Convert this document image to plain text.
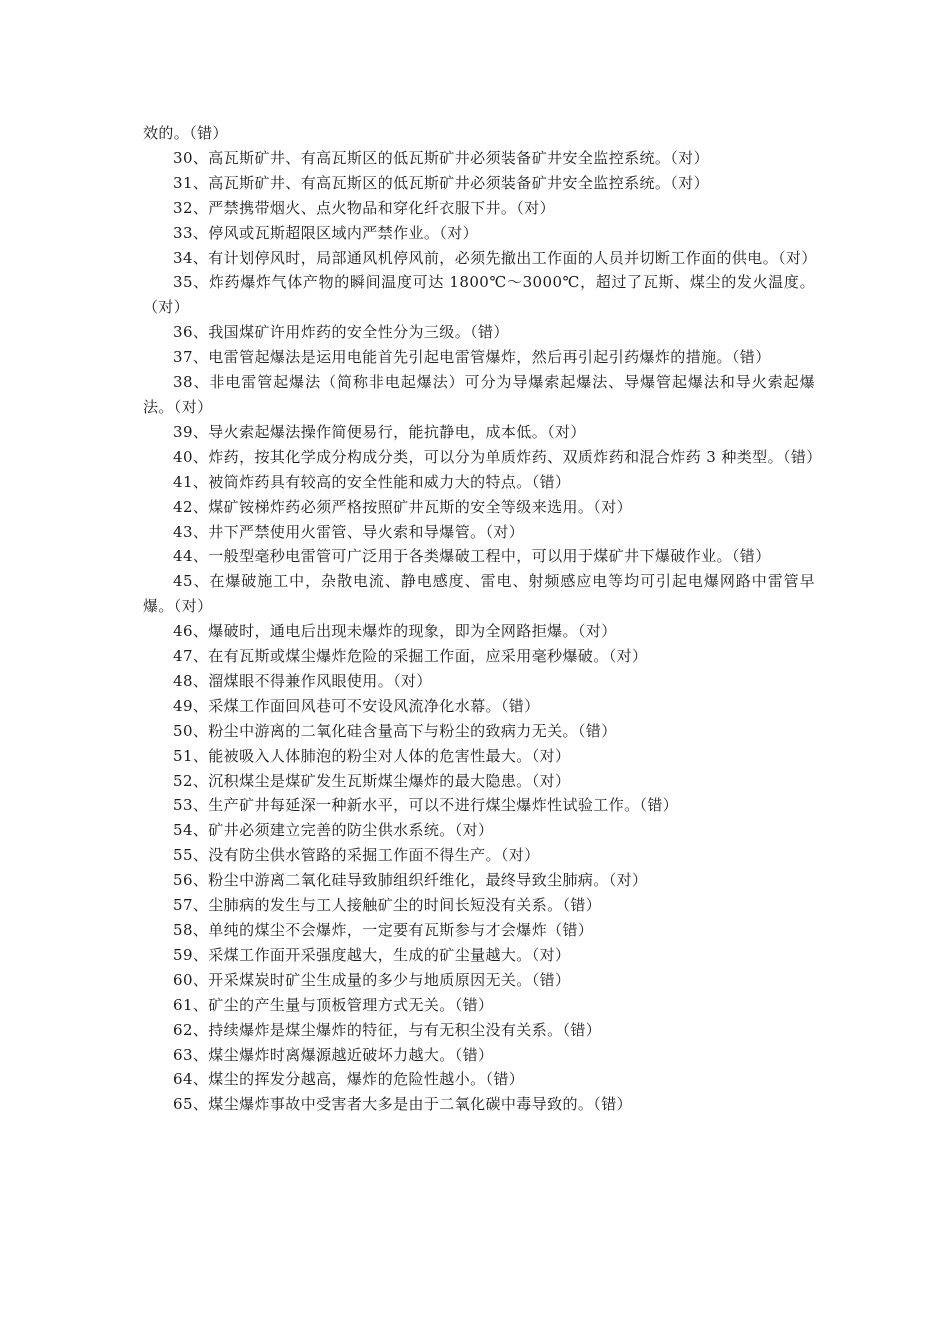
效的。（错）

30、高瓦斯矿井、有高瓦斯区的低瓦斯矿井必须装备矿井安全监控系统。（对）

31、高瓦斯矿井、有高瓦斯区的低瓦斯矿井必须装备矿井安全监控系统。（对）

32、严禁携带烟火、点火物品和穿化纤衣服下井。（对）

33、停风或瓦斯超限区域内严禁作业。（对）

34、有计划停风时，局部通风机停风前，必须先撤出工作面的人员并切断工作面的供电。（对）

35、炸药爆炸气体产物的瞬间温度可达 1800℃～3000℃，超过了瓦斯、煤尘的发火温度。（对）

36、我国煤矿许用炸药的安全性分为三级。（错）

37、电雷管起爆法是运用电能首先引起电雷管爆炸，然后再引起引药爆炸的措施。（错）

38、非电雷管起爆法（简称非电起爆法）可分为导爆索起爆法、导爆管起爆法和导火索起爆法。（对）

39、导火索起爆法操作简便易行，能抗静电，成本低。（对）

40、炸药，按其化学成分构成分类，可以分为单质炸药、双质炸药和混合炸药 3 种类型。（错）

41、被筒炸药具有较高的安全性能和威力大的特点。（错）

42、煤矿铵梯炸药必须严格按照矿井瓦斯的安全等级来选用。（对）

43、井下严禁使用火雷管、导火索和导爆管。（对）

44、一般型毫秒电雷管可广泛用于各类爆破工程中，可以用于煤矿井下爆破作业。（错）

45、在爆破施工中，杂散电流、静电感度、雷电、射频感应电等均可引起电爆网路中雷管早爆。（对）

46、爆破时，通电后出现未爆炸的现象，即为全网路拒爆。（对）

47、在有瓦斯或煤尘爆炸危险的采掘工作面，应采用毫秒爆破。（对）

48、溜煤眼不得兼作风眼使用。（对）

49、采煤工作面回风巷可不安设风流净化水幕。（错）

50、粉尘中游离的二氧化硅含量高下与粉尘的致病力无关。（错）

51、能被吸入人体肺泡的粉尘对人体的危害性最大。（对）

52、沉积煤尘是煤矿发生瓦斯煤尘爆炸的最大隐患。（对）

53、生产矿井每延深一种新水平，可以不进行煤尘爆炸性试验工作。（错）

54、矿井必须建立完善的防尘供水系统。（对）

55、没有防尘供水管路的采掘工作面不得生产。（对）

56、粉尘中游离二氧化硅导致肺组织纤维化，最终导致尘肺病。（对）

57、尘肺病的发生与工人接触矿尘的时间长短没有关系。（错）

58、单纯的煤尘不会爆炸，一定要有瓦斯参与才会爆炸（错）

59、采煤工作面开采强度越大，生成的矿尘量越大。（对）

60、开采煤炭时矿尘生成量的多少与地质原因无关。（错）

61、矿尘的产生量与顶板管理方式无关。（错）

62、持续爆炸是煤尘爆炸的特征，与有无积尘没有关系。（错）

63、煤尘爆炸时离爆源越近破坏力越大。（错）

64、煤尘的挥发分越高，爆炸的危险性越小。（错）

65、煤尘爆炸事故中受害者大多是由于二氧化碳中毒导致的。（错）
